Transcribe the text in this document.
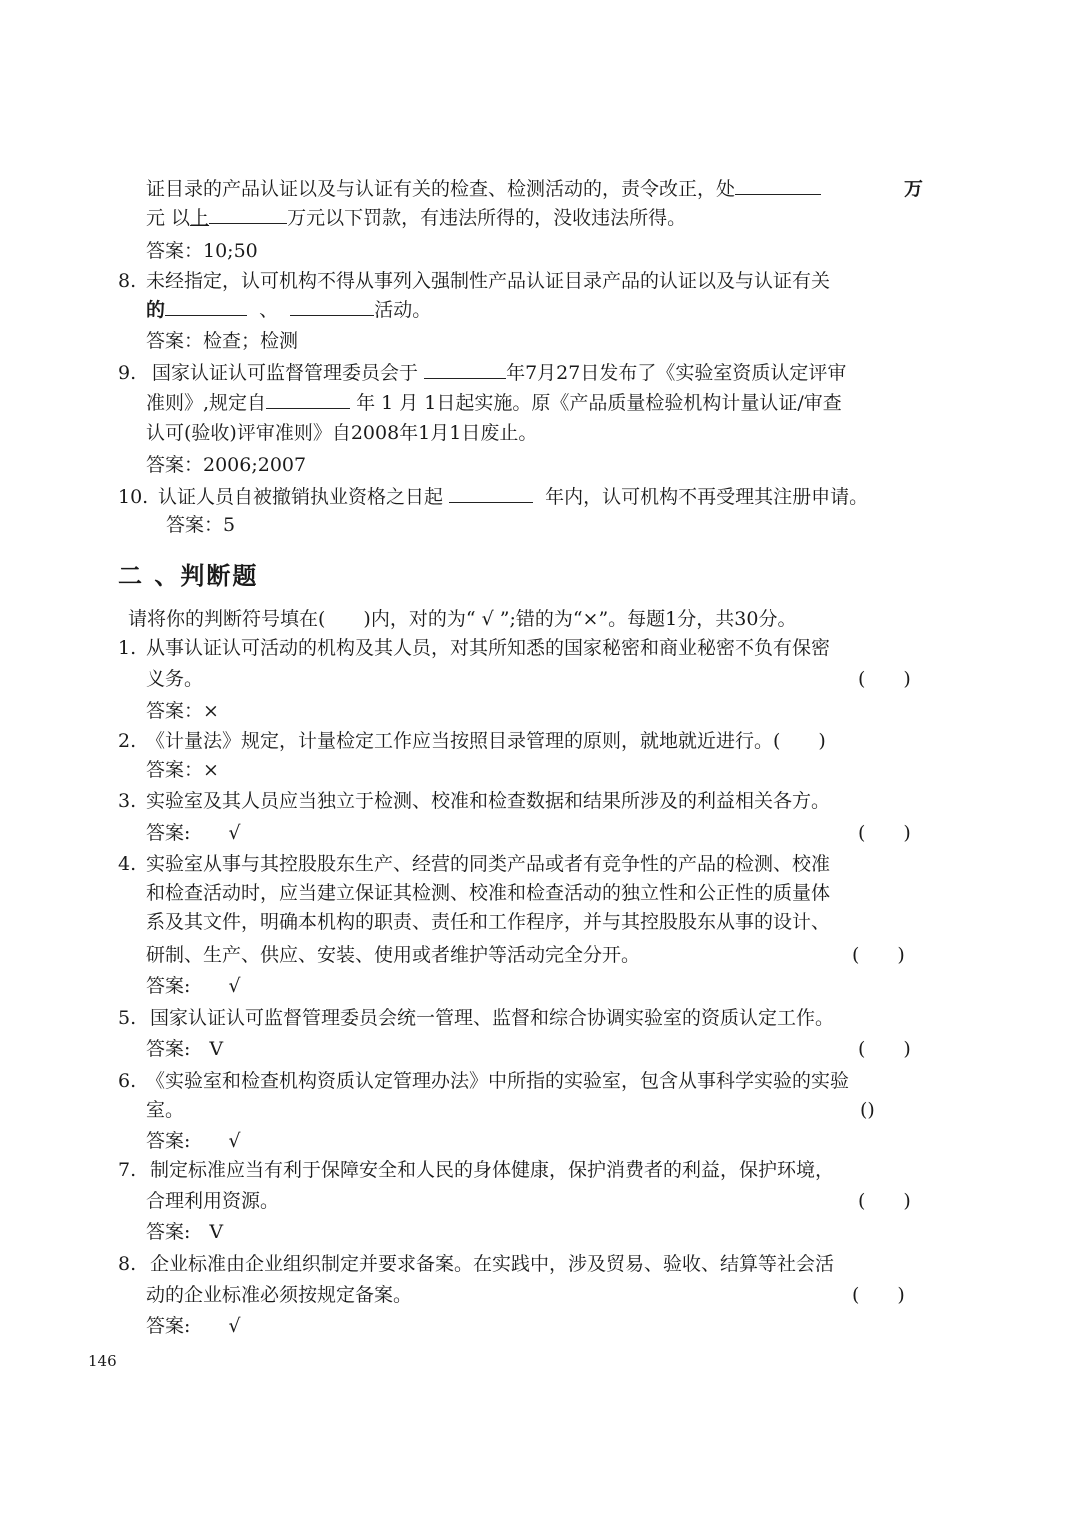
证目录的产品认证以及与认证有关的检查、检测活动的，责令改正，处	万
元 以上	万元以下罚款，有违法所得的，没收违法所得。
答案：10;50
8. 未经指定，认可机构不得从事列入强制性产品认证目录产品的认证以及与认证有关
的	、	活动。
答案：检查；检测
9. 国家认证认可监督管理委员会于	年7月27日发布了《实验室资质认定评审
准则》,规定自	年 1 月 1日起实施。原《产品质量检验机构计量认证/审查
认可(验收)评审准则》自2008年1月1日废止。
答案：2006;2007
10. 认证人员自被撤销执业资格之日起	年内，认可机构不再受理其注册申请。
答案：5
二 、判断题
请将你的判断符号填在(　　)内，对的为“ √ ”;错的为“×”。每题1分，共30分。
1. 从事认证认可活动的机构及其人员，对其所知悉的国家秘密和商业秘密不负有保密
义务。	(　　)
答案：×
2. 《计量法》规定，计量检定工作应当按照目录管理的原则，就地就近进行。(　　)
答案：×
3. 实验室及其人员应当独立于检测、校准和检查数据和结果所涉及的利益相关各方。
答案:　　√	(　　)
4. 实验室从事与其控股股东生产、经营的同类产品或者有竞争性的产品的检测、校准
和检查活动时，应当建立保证其检测、校准和检查活动的独立性和公正性的质量体
系及其文件，明确本机构的职责、责任和工作程序，并与其控股股东从事的设计、
研制、生产、供应、安装、使用或者维护等活动完全分开。	(　　)
答案:　　√
5. 国家认证认可监督管理委员会统一管理、监督和综合协调实验室的资质认定工作。
答案:　V	(　　)
6. 《实验室和检查机构资质认定管理办法》中所指的实验室，包含从事科学实验的实验
室。	()
答案:　　√
7. 制定标准应当有利于保障安全和人民的身体健康，保护消费者的利益，保护环境，
合理利用资源。	(　　)
答案:　V
8. 企业标准由企业组织制定并要求备案。在实践中，涉及贸易、验收、结算等社会活
动的企业标准必须按规定备案。	(　　)
答案:　　√
146
